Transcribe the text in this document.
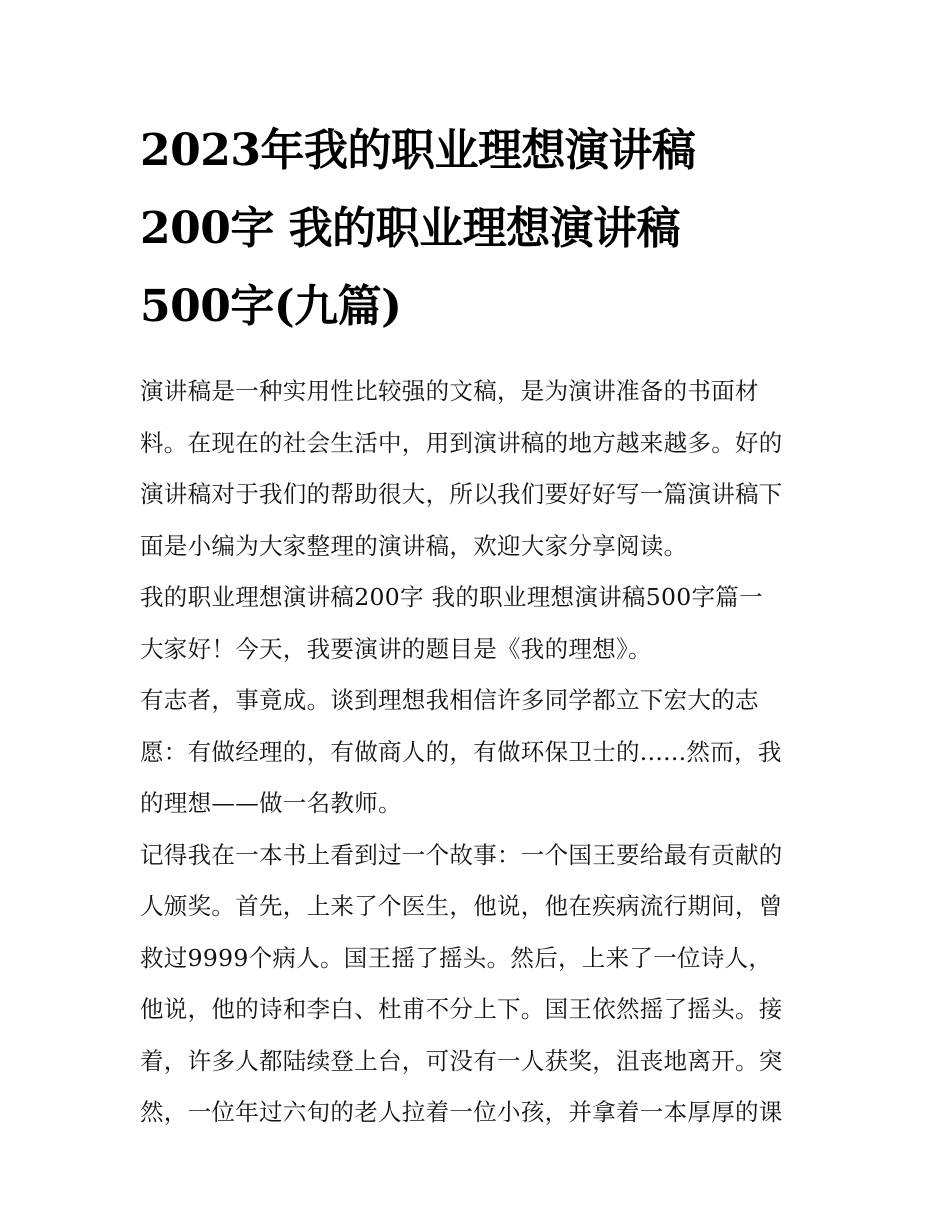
2023年我的职业理想演讲稿
200字 我的职业理想演讲稿
500字(九篇)
演讲稿是一种实用性比较强的文稿，是为演讲准备的书面材
料。在现在的社会生活中，用到演讲稿的地方越来越多。好的
演讲稿对于我们的帮助很大，所以我们要好好写一篇演讲稿下
面是小编为大家整理的演讲稿，欢迎大家分享阅读。
我的职业理想演讲稿200字 我的职业理想演讲稿500字篇一
大家好！今天，我要演讲的题目是《我的理想》。
有志者，事竟成。谈到理想我相信许多同学都立下宏大的志
愿：有做经理的，有做商人的，有做环保卫士的......然而，我
的理想——做一名教师。
记得我在一本书上看到过一个故事：一个国王要给最有贡献的
人颁奖。首先，上来了个医生，他说，他在疾病流行期间，曾
救过9999个病人。国王摇了摇头。然后，上来了一位诗人，
他说，他的诗和李白、杜甫不分上下。国王依然摇了摇头。接
着，许多人都陆续登上台，可没有一人获奖，沮丧地离开。突
然，一位年过六旬的老人拉着一位小孩，并拿着一本厚厚的课
